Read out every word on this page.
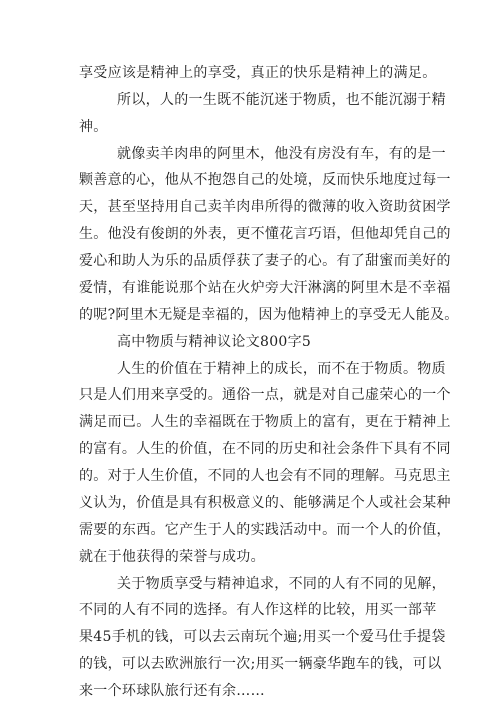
享受应该是精神上的享受，真正的快乐是精神上的满足。
所以，人的一生既不能沉迷于物质，也不能沉溺于精
神。
就像卖羊肉串的阿里木，他没有房没有车，有的是一
颗善意的心，他从不抱怨自己的处境，反而快乐地度过每一
天，甚至坚持用自己卖羊肉串所得的微薄的收入资助贫困学
生。他没有俊朗的外表，更不懂花言巧语，但他却凭自己的
爱心和助人为乐的品质俘获了妻子的心。有了甜蜜而美好的
爱情，有谁能说那个站在火炉旁大汗淋漓的阿里木是不幸福
的呢?阿里木无疑是幸福的，因为他精神上的享受无人能及。
高中物质与精神议论文800字5
人生的价值在于精神上的成长，而不在于物质。物质
只是人们用来享受的。通俗一点，就是对自己虚荣心的一个
满足而已。人生的幸福既在于物质上的富有，更在于精神上
的富有。人生的价值，在不同的历史和社会条件下具有不同
的。对于人生价值，不同的人也会有不同的理解。马克思主
义认为，价值是具有积极意义的、能够满足个人或社会某种
需要的东西。它产生于人的实践活动中。而一个人的价值，
就在于他获得的荣誉与成功。
关于物质享受与精神追求，不同的人有不同的见解，
不同的人有不同的选择。有人作这样的比较，用买一部苹
果45手机的钱，可以去云南玩个遍;用买一个爱马仕手提袋
的钱，可以去欧洲旅行一次;用买一辆豪华跑车的钱，可以
来一个环球队旅行还有余……
